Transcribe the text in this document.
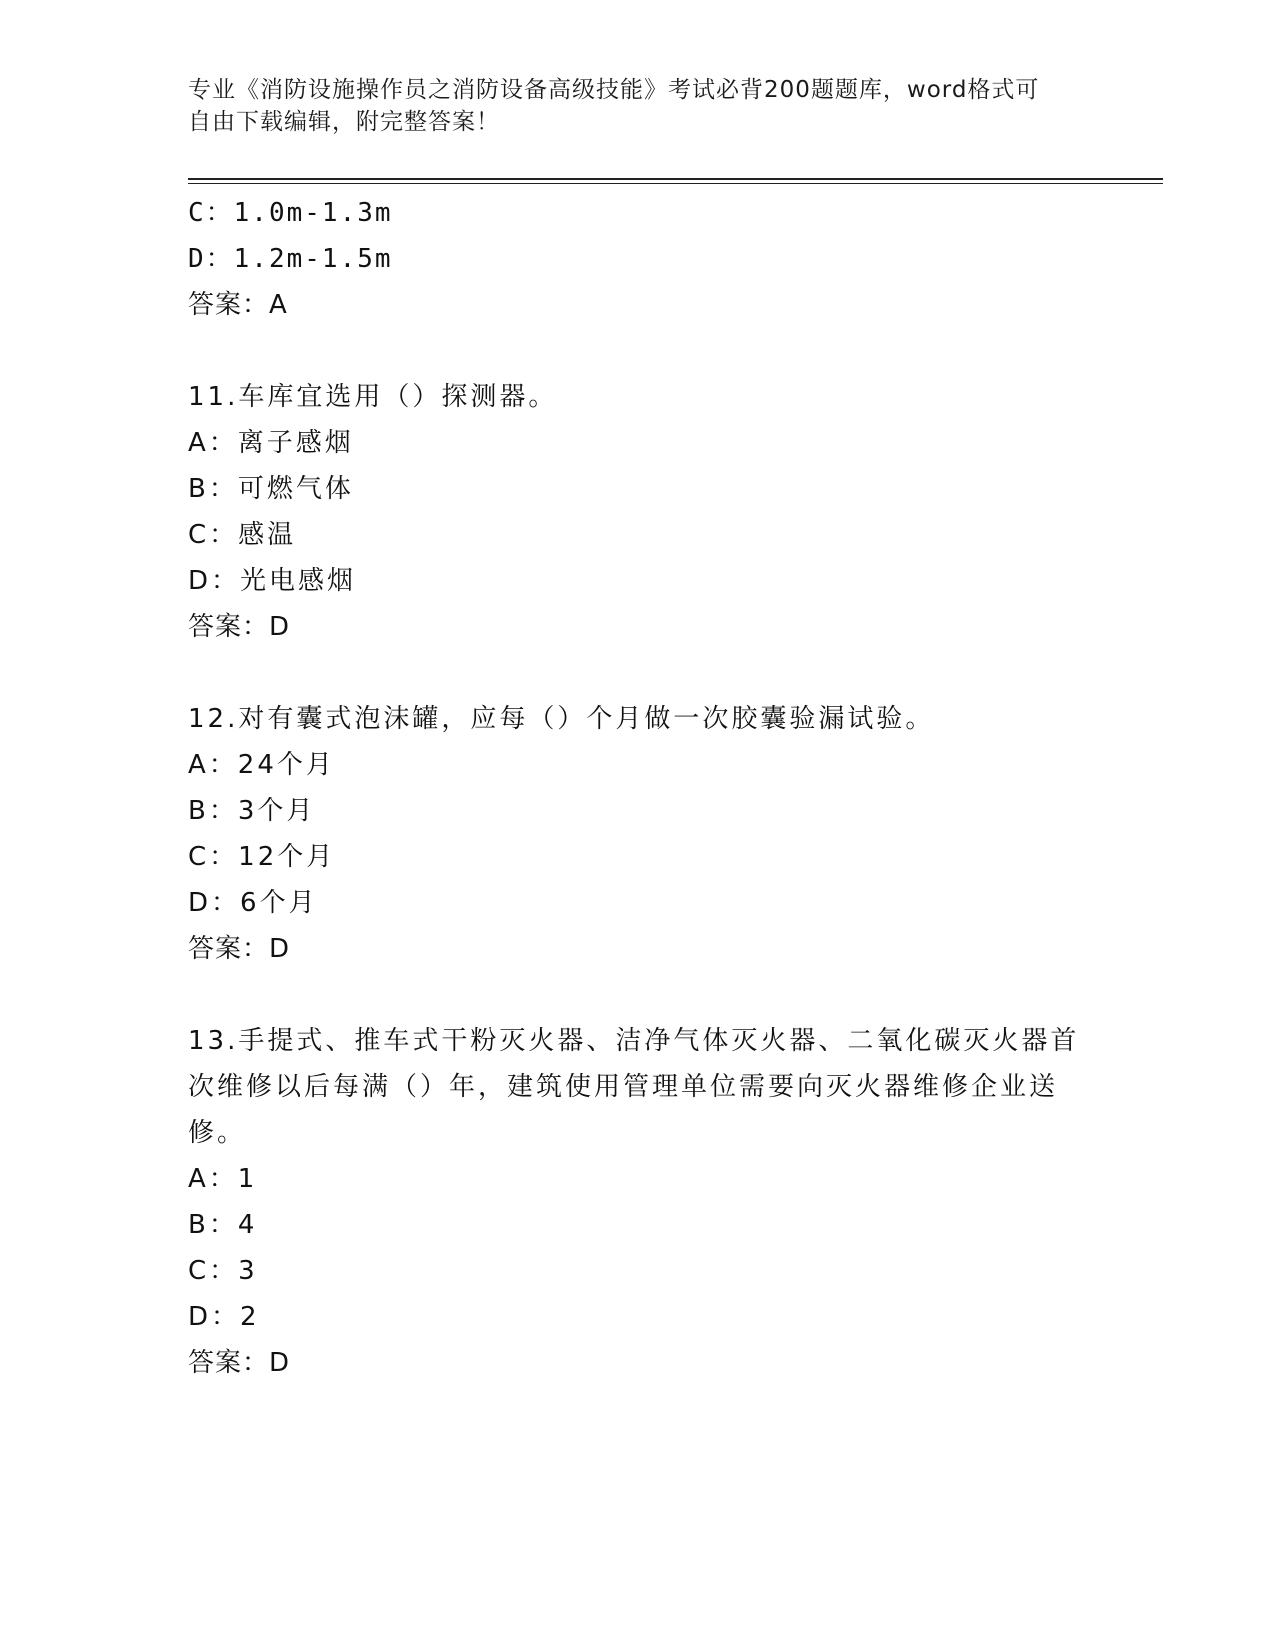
专业《消防设施操作员之消防设备高级技能》考试必背200题题库，word格式可
自由下载编辑，附完整答案！
C：1.0m-1.3m
D：1.2m-1.5m
答案：A
11.车库宜选用（）探测器。
A：离子感烟
B：可燃气体
C：感温
D：光电感烟
答案：D
12.对有囊式泡沫罐，应每（）个月做一次胶囊验漏试验。
A：24个月
B：3个月
C：12个月
D：6个月
答案：D
13.手提式、推车式干粉灭火器、洁净气体灭火器、二氧化碳灭火器首
次维修以后每满（）年，建筑使用管理单位需要向灭火器维修企业送
修。
A：1
B：4
C：3
D：2
答案：D
